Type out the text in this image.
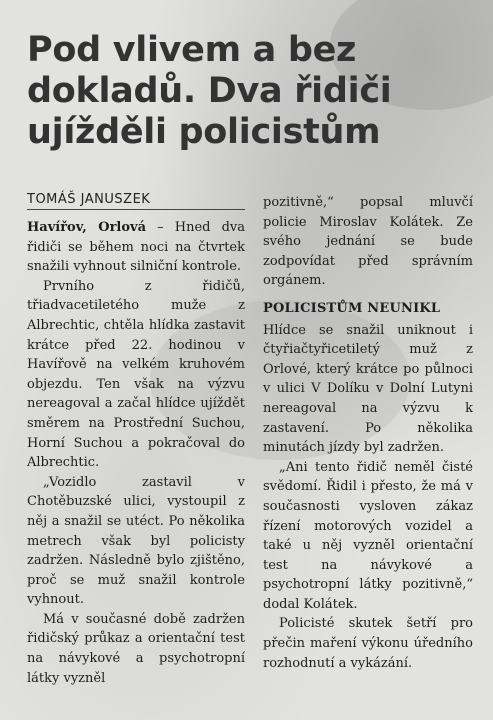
Pod vlivem a bez dokladů. Dva řidiči ujížděli policistům
TOMÁŠ JANUSZEK

Havířov, Orlová – Hned dva řidiči se během noci na čtvrtek snažili vyhnout silniční kontrole.

Prvního z řidičů, třiadvacetiletého muže z Albrechtic, chtěla hlídka zastavit krátce před 22. hodinou v Havířově na velkém kruhovém objezdu. Ten však na výzvu nereagoval a začal hlídce ujíždět směrem na Prostřední Suchou, Horní Suchou a pokračoval do Albrechtic.

„Vozidlo zastavil v Chotěbuzské ulici, vystoupil z něj a snažil se utéct. Po několika metrech však byl policisty zadržen. Následně bylo zjištěno, proč se muž snažil kontrole vyhnout.

Má v současné době zadržen řidičský průkaz a orientační test na návykové a psychotropní látky vyzněl

pozitivně,“ popsal mluvčí policie Miroslav Kolátek. Ze svého jednání se bude zodpovídat před správním orgánem.

POLICISTŮM NEUNIKL

Hlídce se snažil uniknout i čtyřiačtyřicetiletý muž z Orlové, který krátce po půlnoci v ulici V Dolíku v Dolní Lutyni nereagoval na výzvu k zastavení. Po několika minutách jízdy byl zadržen.

„Ani tento řidič neměl čisté svědomí. Řidil i přesto, že má v současnosti vysloven zákaz řízení motorových vozidel a také u něj vyzněl orientační test na návykové a psychotropní látky pozitivně,“ dodal Kolátek.

Policisté skutek šetří pro přečin maření výkonu úředního rozhodnutí a vykázání.
